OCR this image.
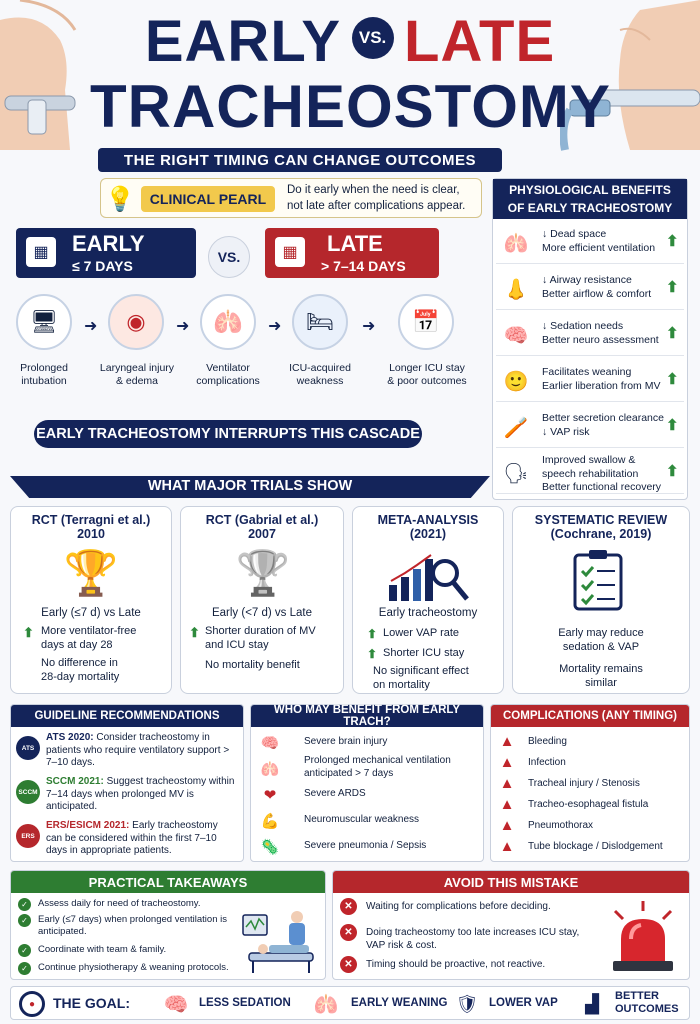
EARLY VS. LATE
TRACHEOSTOMY
THE RIGHT TIMING CAN CHANGE OUTCOMES
💡	CLINICAL PEARL
Do it early when the need is clear,
not late after complications appear.
▦	EARLY
≤ 7 DAYS
VS.	▦	LATE
> 7–14 DAYS
🖥	➜	◉	➜ 🫁	➜	🛏	➜	📅
Prolonged
intubation
Laryngeal injury
& edema
Ventilator
complications
ICU-acquired
weakness
Longer ICU stay
& poor outcomes
EARLY TRACHEOSTOMY INTERRUPTS THIS CASCADE
PHYSIOLOGICAL BENEFITS
OF EARLY TRACHEOSTOMY
🫁	↓ Dead space
More efficient ventilation ⬆
👃	↓ Airway resistance
Better airflow & comfort ⬆
🧠	↓ Sedation needs
Better neuro assessment ⬆
🙂	Facilitates weaning
Earlier liberation from MV ⬆
🪥	Better secretion clearance
↓ VAP risk	⬆
🗣
Improved swallow &
speech rehabilitation
Better functional recovery
⬆
WHAT MAJOR TRIALS SHOW
RCT (Terragni et al.)
2010
🏆
Early (≤7 d) vs Late
⬆ More ventilator-free
days at day 28
No difference in
28-day mortality
RCT (Gabrial et al.)
2007
🏆
Early (<7 d) vs Late
⬆ Shorter duration of MV
and ICU stay
No mortality benefit
META-ANALYSIS
(2021)
Early tracheostomy
⬆ Lower VAP rate
⬆ Shorter ICU stay
No significant effect
on mortality
SYSTEMATIC REVIEW
(Cochrane, 2019)
Early may reduce
sedation & VAP
Mortality remains
similar
GUIDELINE RECOMMENDATIONS
ATS
ATS 2020: Consider tracheostomy in patients who require ventilatory support > 7–10 days.
SCCM
SCCM 2021: Suggest tracheostomy within 7–14 days when prolonged MV is anticipated.
ERS
ERS/ESICM 2021: Early tracheostomy can be considered within the first 7–10 days in appropriate patients.
WHO MAY BENEFIT FROM EARLY TRACH?
🧠 Severe brain injury
🫁
Prolonged mechanical ventilation
anticipated > 7 days
❤	Severe ARDS
💪 Neuromuscular weakness
🦠 Severe pneumonia / Sepsis
COMPLICATIONS (ANY TIMING)
▲ Bleeding
▲ Infection
▲ Tracheal injury / Stenosis
▲ Tracheo-esophageal fistula
▲ Pneumothorax
▲ Tube blockage / Dislodgement
PRACTICAL TAKEAWAYS
✓	Assess daily for need of tracheostomy.
✓	Early (≤7 days) when prolonged ventilation is
anticipated.
✓	Coordinate with team & family.
✓	Continue physiotherapy & weaning protocols.
AVOID THIS MISTAKE
✕	Waiting for complications before deciding.
✕	Doing tracheostomy too late increases ICU stay,
VAP risk & cost.
✕	Timing should be proactive, not reactive.
●	THE GOAL: 🧠 LESS SEDATION 🫁 EARLY WEANING 🛡 LOWER VAP	▟	BETTER
OUTCOMES
